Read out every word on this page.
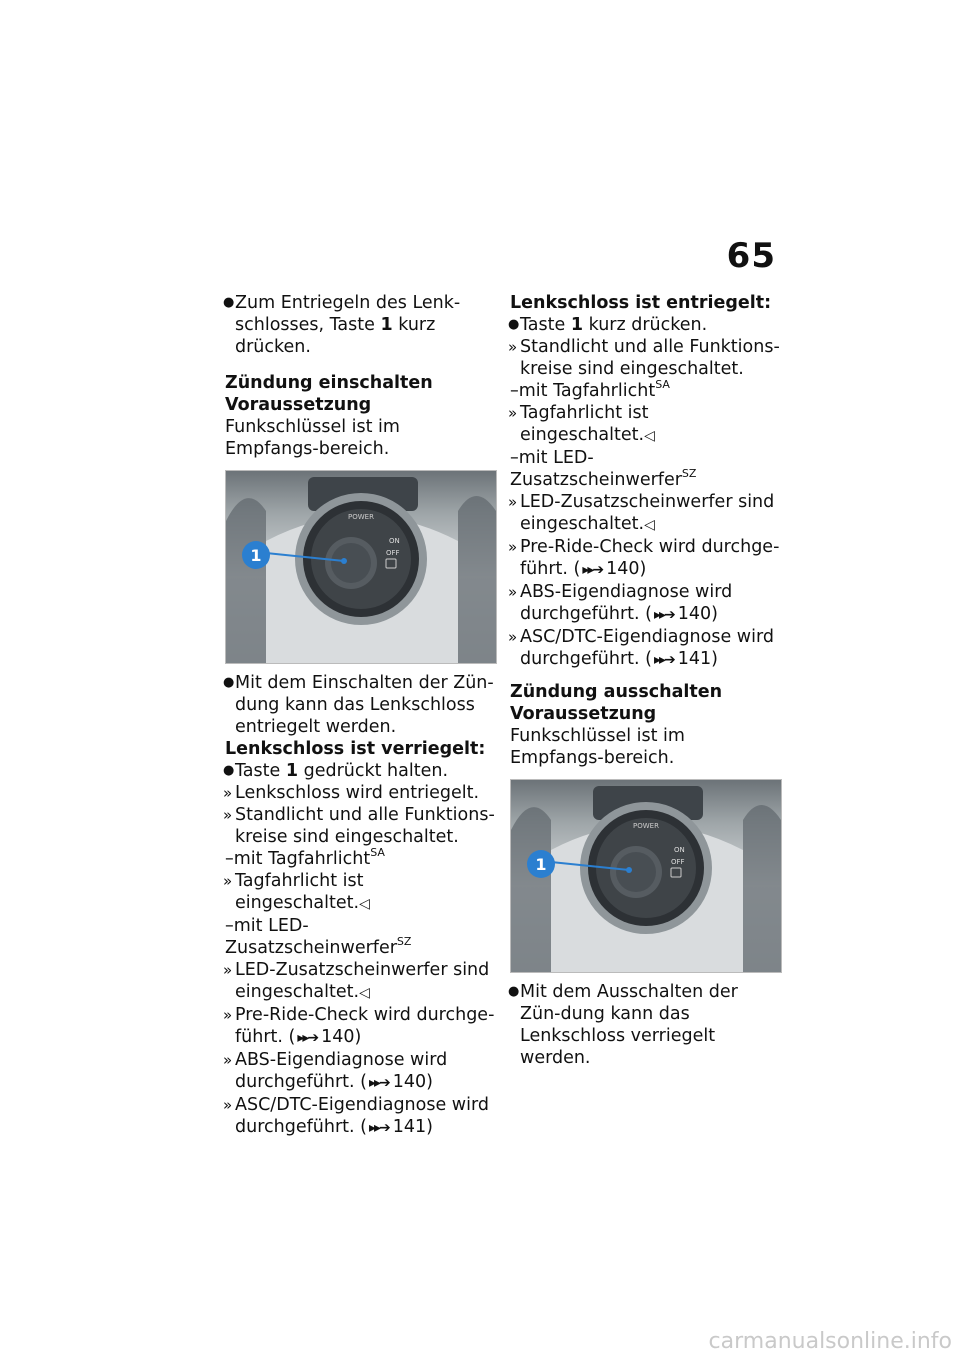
65
● Zum Entriegeln des Lenk-schlosses, Taste 1 kurz drücken.
Zündung einschalten
Voraussetzung
Funkschlüssel ist im Empfangs-bereich.
POWER
ON
OFF
1
● Mit dem Einschalten der Zün-dung kann das Lenkschloss entriegelt werden.
Lenkschloss ist verriegelt:
● Taste 1 gedrückt halten.
» Lenkschloss wird entriegelt.
» Standlicht und alle Funktions-kreise sind eingeschaltet.
–mit Tagfahrlicht$^{SA}$
» Tagfahrlicht ist eingeschaltet.◁
–mit LED-Zusatzscheinwerfer$^{SZ}$
» LED-Zusatzscheinwerfer sind eingeschaltet.◁
» Pre-Ride-Check wird durchge-führt. ( ▸▸➔ 140)
» ABS-Eigendiagnose wird durchgeführt. ( ▸▸➔ 140)
» ASC/DTC-Eigendiagnose wird durchgeführt. ( ▸▸➔ 141)
Lenkschloss ist entriegelt:
● Taste 1 kurz drücken.
» Standlicht und alle Funktions-kreise sind eingeschaltet.
–mit Tagfahrlicht$^{SA}$
» Tagfahrlicht ist eingeschaltet.◁
–mit LED-Zusatzscheinwerfer$^{SZ}$
» LED-Zusatzscheinwerfer sind eingeschaltet.◁
» Pre-Ride-Check wird durchge-führt. ( ▸▸➔ 140)
» ABS-Eigendiagnose wird durchgeführt. ( ▸▸➔ 140)
» ASC/DTC-Eigendiagnose wird durchgeführt. ( ▸▸➔ 141)
Zündung ausschalten
Voraussetzung
Funkschlüssel ist im Empfangs-bereich.
POWER
ON
OFF
1
● Mit dem Ausschalten der Zün-dung kann das Lenkschloss verriegelt werden.
carmanualsonline.info
